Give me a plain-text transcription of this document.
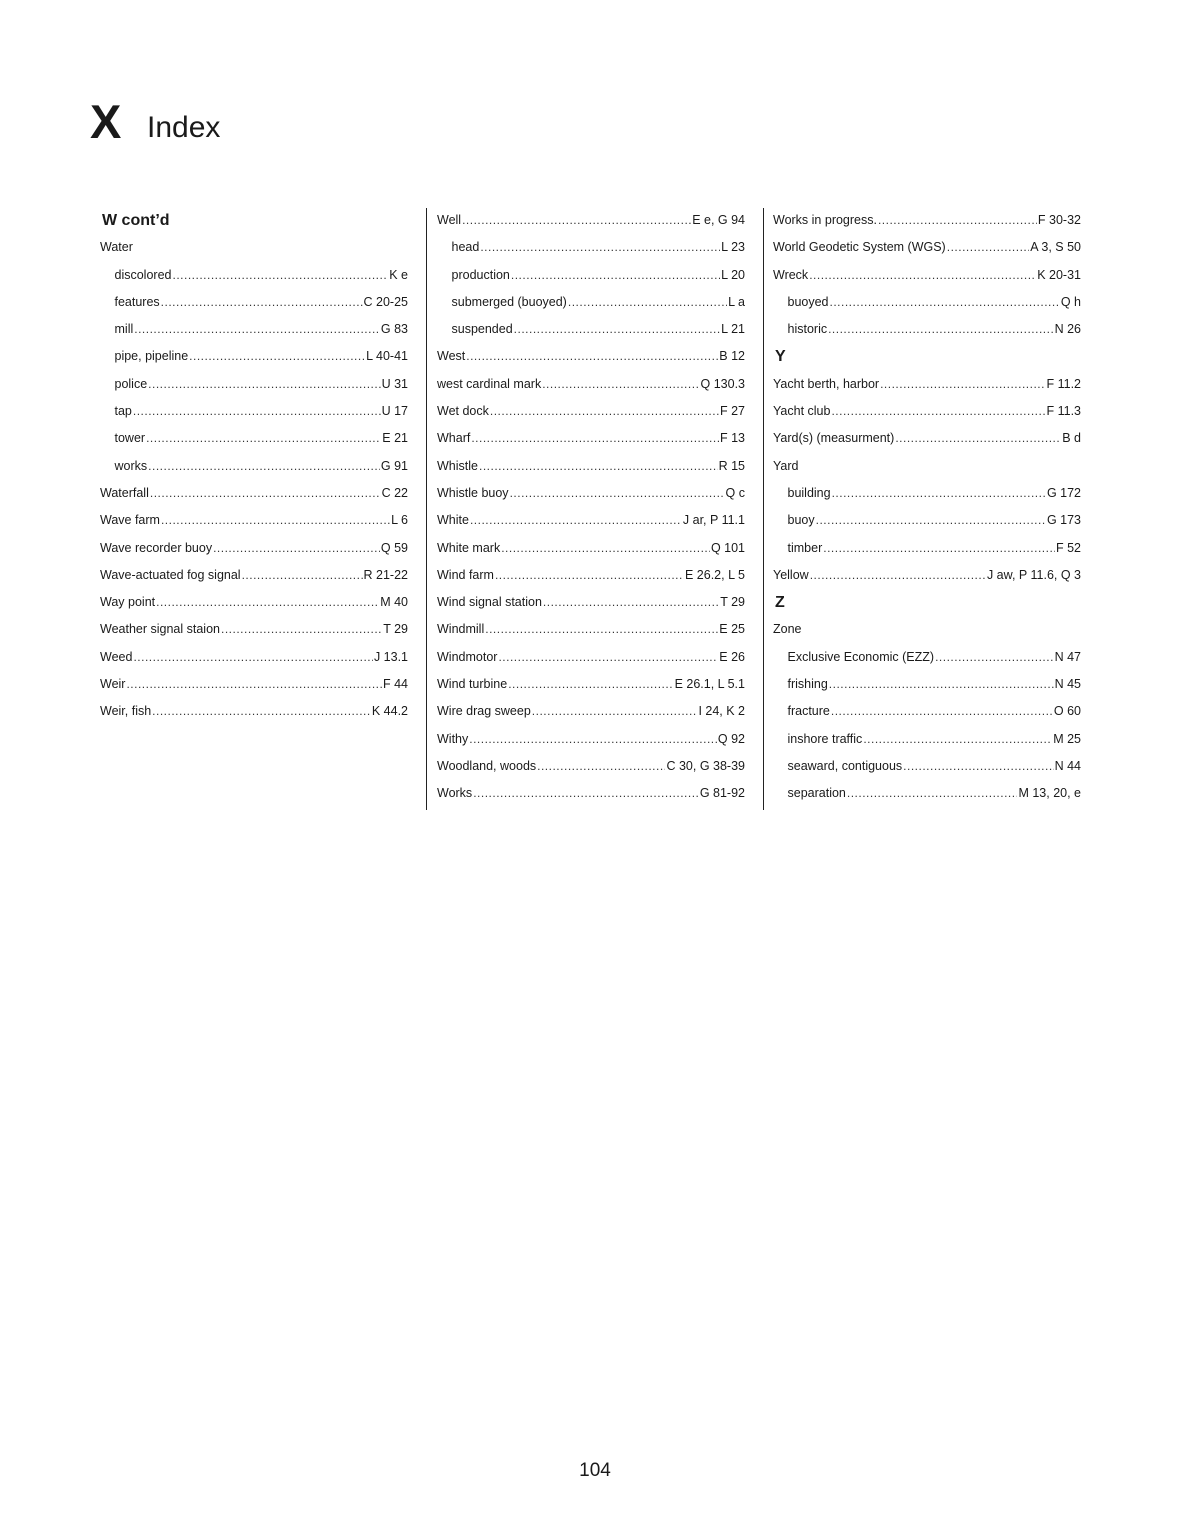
X Index
W cont’d
Water
discolored .....	K e
features .....	C 20-25
mill .....	G 83
pipe, pipeline .....	L 40-41
police .....	U 31
tap .....	U 17
tower .....	E 21
works .....	G 91
Waterfall .....	C 22
Wave farm .....	L 6
Wave recorder buoy .....	Q 59
Wave-actuated fog signal .....	R 21-22
Way point .....	M 40
Weather signal staion .....	T 29
Weed .....	J 13.1
Weir .....	F 44
Weir, fish .....	K 44.2
Well .....	E e, G 94
head .....	L 23
production .....	L 20
submerged (buoyed) .....	L a
suspended .....	L 21
West .....	B 12
west cardinal mark .....	Q 130.3
Wet dock .....	F 27
Wharf .....	F 13
Whistle .....	R 15
Whistle buoy .....	Q c
White .....	J ar, P 11.1
White mark .....	Q 101
Wind farm .....	E 26.2, L 5
Wind signal station .....	T 29
Windmill .....	E 25
Windmotor .....	E 26
Wind turbine .....	E 26.1, L 5.1
Wire drag sweep .....	I 24, K 2
Withy .....	Q 92
Woodland, woods .....	C 30, G 38-39
Works .....	G 81-92
Works in progress. .....	F 30-32
World Geodetic System (WGS) .....	A 3, S 50
Wreck .....	K 20-31
buoyed .....	Q h
historic .....	N 26
Y
Yacht berth, harbor .....	F 11.2
Yacht club .....	F 11.3
Yard(s) (measurment) .....	B d
Yard
building .....	G 172
buoy .....	G 173
timber .....	F 52
Yellow .....	J aw, P 11.6, Q 3
Z
Zone
Exclusive Economic (EZZ) .....	N 47
frishing .....	N 45
fracture .....	O 60
inshore traffic .....	M 25
seaward, contiguous .....	N 44
separation .....	M 13, 20, e
104
